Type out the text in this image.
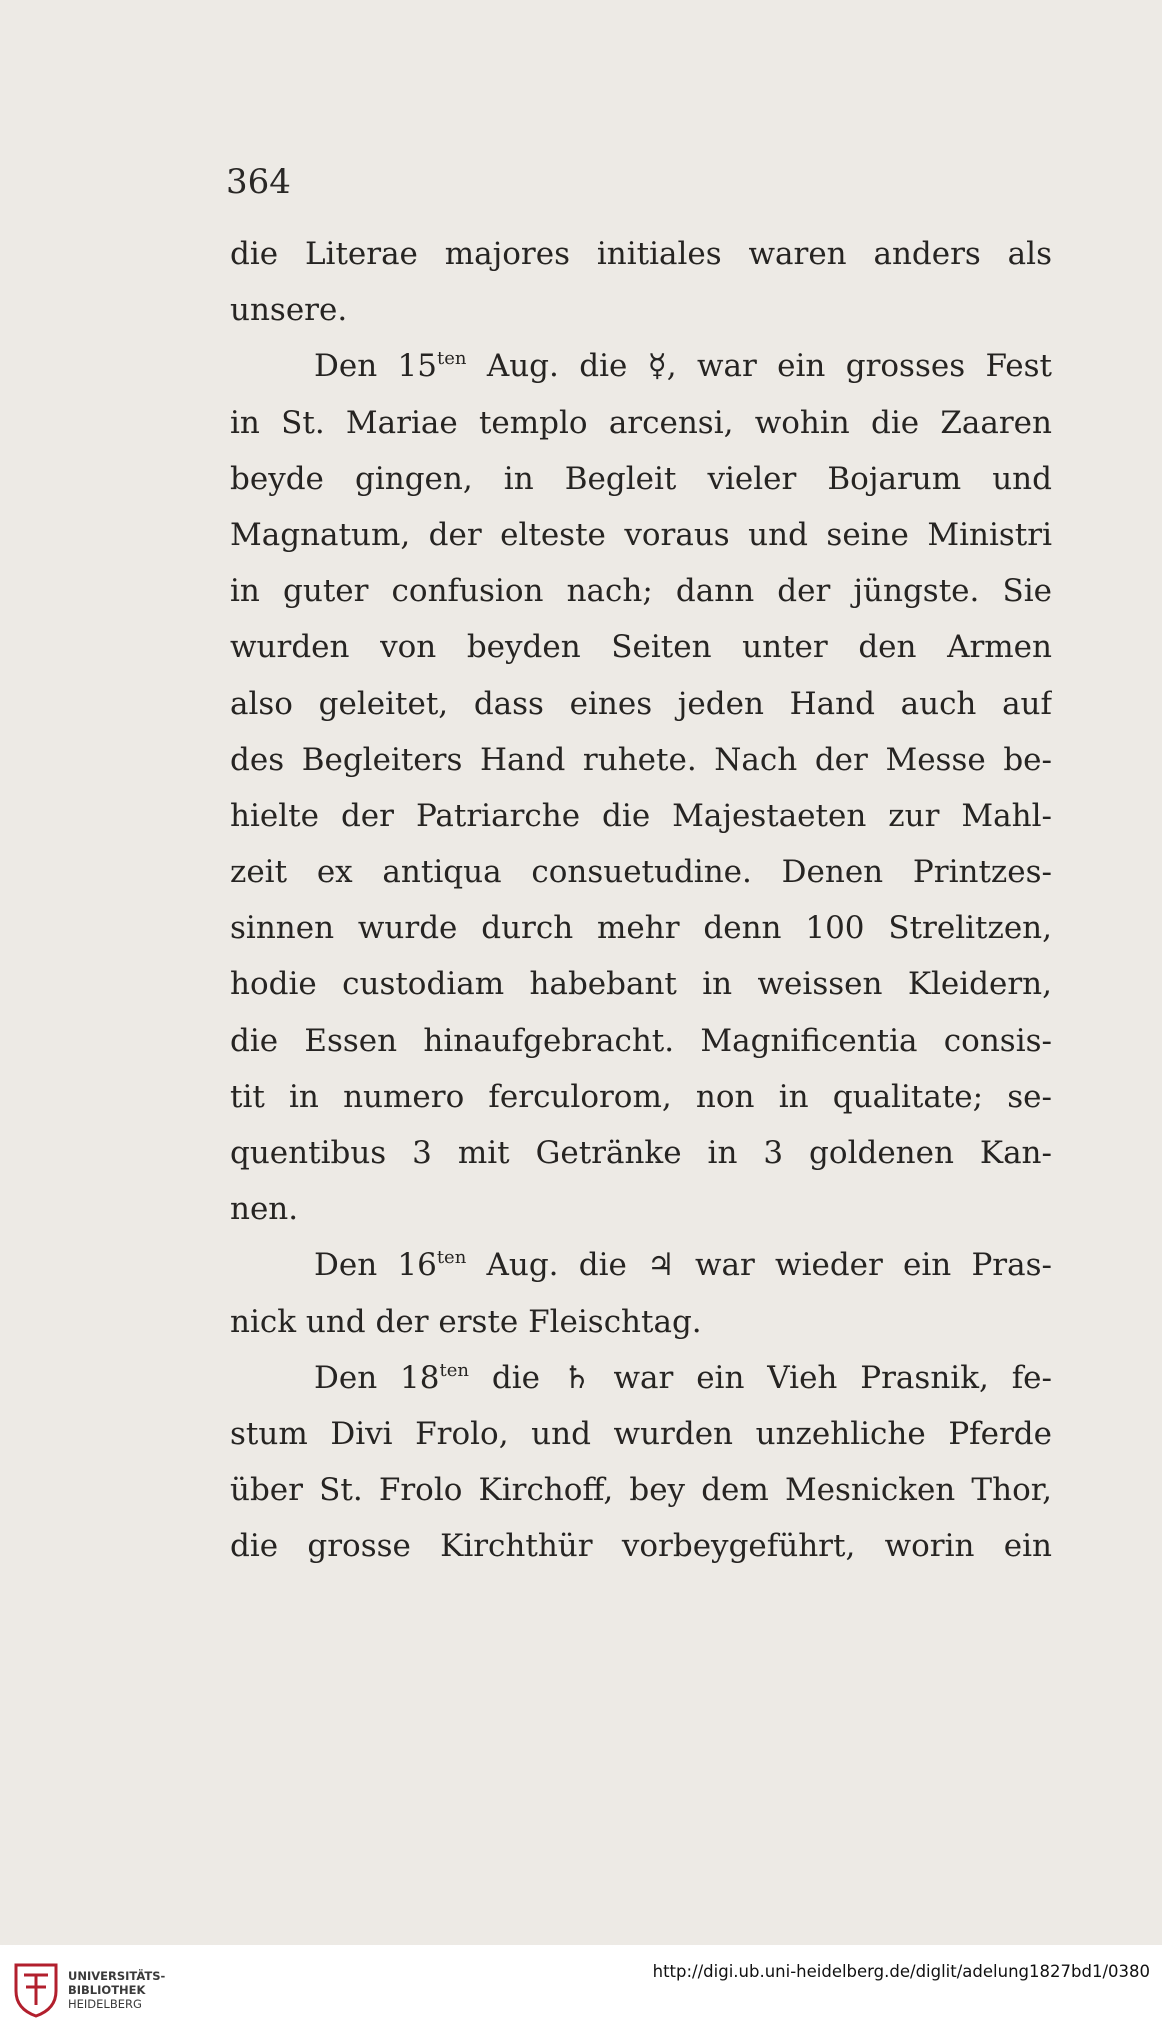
364
die Literae majores initiales waren anders als
unsere.
Den $15^{ten}$ Aug. die ☿, war ein grosses Fest
in St. Mariae templo arcensi, wohin die Zaaren
beyde gingen, in Begleit vieler Bojarum und
Magnatum, der elteste voraus und seine Ministri
in guter confusion nach; dann der jüngste. Sie
wurden von beyden Seiten unter den Armen
also geleitet, dass eines jeden Hand auch auf
des Begleiters Hand ruhete. Nach der Messe be-
hielte der Patriarche die Majestaeten zur Mahl-
zeit ex antiqua consuetudine. Denen Printzes-
sinnen wurde durch mehr denn 100 Strelitzen,
hodie custodiam habebant in weissen Kleidern,
die Essen hinaufgebracht. Magnificentia consis-
tit in numero ferculorom, non in qualitate; se-
quentibus 3 mit Getränke in 3 goldenen Kan-
nen.
Den $16^{ten}$ Aug. die ♃ war wieder ein Pras-
nick und der erste Fleischtag.
Den $18^{ten}$ die ♄ war ein Vieh Prasnik, fe-
stum Divi Frolo, und wurden unzehliche Pferde
über St. Frolo Kirchoff, bey dem Mesnicken Thor,
die grosse Kirchthür vorbeygeführt, worin ein
UNIVERSITÄTS-
BIBLIOTHEK
HEIDELBERG
http://digi.ub.uni-heidelberg.de/diglit/adelung1827bd1/0380
